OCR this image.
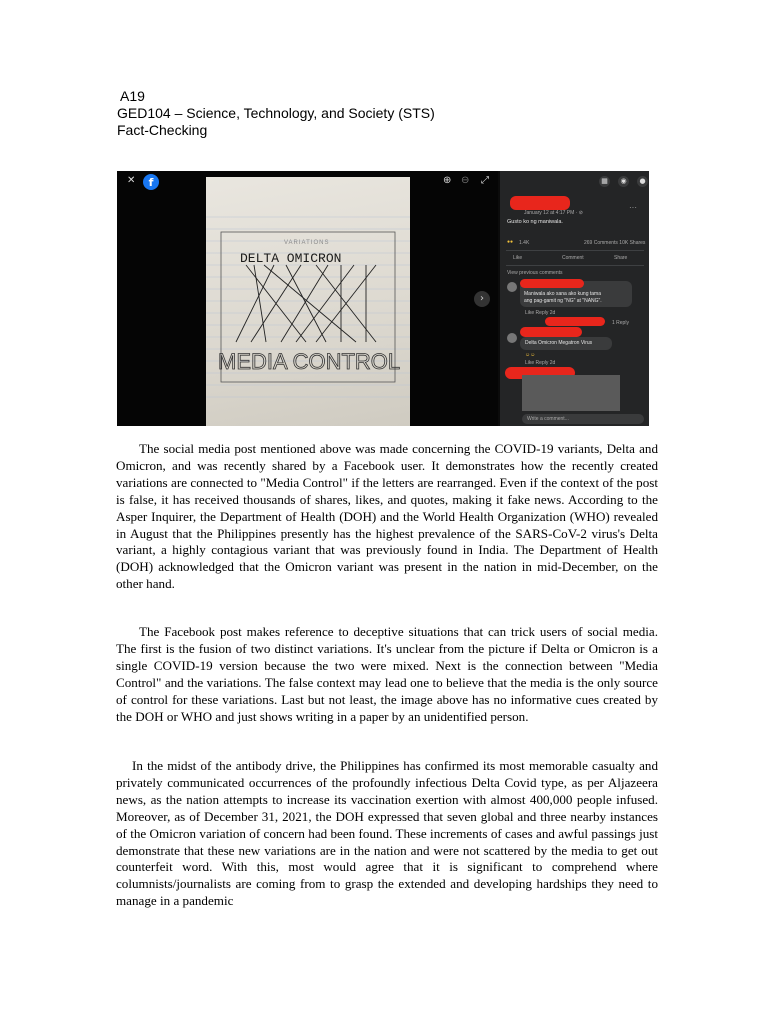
A19
GED104 – Science, Technology, and Society (STS)
Fact-Checking
✕	f	⊕ ⊖ ⤢
DELTA OMICRON
MEDIA CONTROL
VARIATIONS
›
▦	◉	●
January 12 at 4:17 PM · ⊘
···
Gusto ko ng maniwala.
●● 1.4K	269 Comments 10K Shares
Like	Comment	Share
View previous comments
Maniwala ako sana ako kung tama
ang pag-gamit ng "NG" at "NANG".
Like Reply 2d
1 Reply
Delta Omicron Megatron Virus
☺☺
Like Reply 2d
Write a comment...

The social media post mentioned above was made concerning the COVID-19 variants, Delta and Omicron, and was recently shared by a Facebook user. It demonstrates how the recently created variations are connected to "Media Control" if the letters are rearranged. Even if the context of the post is false, it has received thousands of shares, likes, and quotes, making it fake news. According to the Asper Inquirer, the Department of Health (DOH) and the World Health Organization (WHO) revealed in August that the Philippines presently has the highest prevalence of the SARS-CoV-2 virus's Delta variant, a highly contagious variant that was previously found in India. The Department of Health (DOH) acknowledged that the Omicron variant was present in the nation in mid-December, on the other hand.

The Facebook post makes reference to deceptive situations that can trick users of social media. The first is the fusion of two distinct variations. It's unclear from the picture if Delta or Omicron is a single COVID-19 version because the two were mixed. Next is the connection between "Media Control" and the variations. The false context may lead one to believe that the media is the only source of control for these variations. Last but not least, the image above has no informative cues created by the DOH or WHO and just shows writing in a paper by an unidentified person.

In the midst of the antibody drive, the Philippines has confirmed its most memorable casualty and privately communicated occurrences of the profoundly infectious Delta Covid type, as per Aljazeera news, as the nation attempts to increase its vaccination exertion with almost 400,000 people infused. Moreover, as of December 31, 2021, the DOH expressed that seven global and three nearby instances of the Omicron variation of concern had been found. These increments of cases and awful passings just demonstrate that these new variations are in the nation and were not scattered by the media to get out counterfeit word. With this, most would agree that it is significant to comprehend where columnists/journalists are coming from to grasp the extended and developing hardships they need to manage in a pandemic
